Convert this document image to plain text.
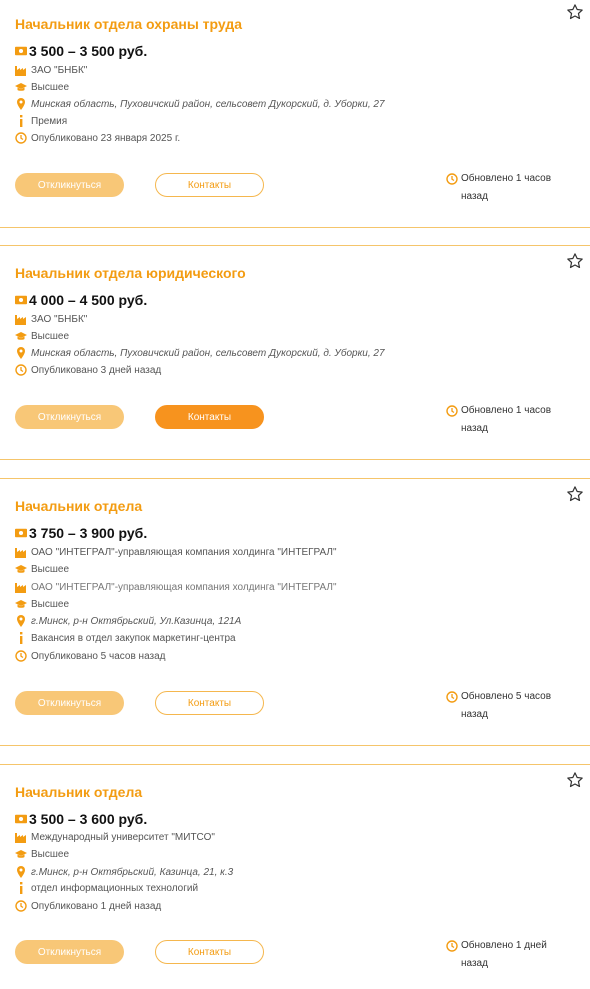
Начальник отдела охраны труда
3 500 – 3 500 руб.
ЗАО "БНБК"
Высшее
Минская область, Пуховичский район, сельсовет Дукорский, д. Уборки, 27
Премия
Опубликовано 23 января 2025 г.
Откликнуться	Контакты
Обновлено 1 часов
назад
Начальник отдела юридического
4 000 – 4 500 руб.
ЗАО "БНБК"
Высшее
Минская область, Пуховичский район, сельсовет Дукорский, д. Уборки, 27
Опубликовано 3 дней назад
Откликнуться	Контакты
Обновлено 1 часов
назад
Начальник отдела
3 750 – 3 900 руб.
ОАО "ИНТЕГРАЛ"-управляющая компания холдинга "ИНТЕГРАЛ"
Высшее
ОАО "ИНТЕГРАЛ"-управляющая компания холдинга "ИНТЕГРАЛ"
Высшее
г.Минск, р-н Октябрьский, Ул.Казинца, 121А
Вакансия в отдел закупок маркетинг-центра
Опубликовано 5 часов назад
Откликнуться	Контакты
Обновлено 5 часов
назад
Начальник отдела
3 500 – 3 600 руб.
Международный университет "МИТСО"
Высшее
г.Минск, р-н Октябрьский, Казинца, 21, к.3
отдел информационных технологий
Опубликовано 1 дней назад
Откликнуться	Контакты
Обновлено 1 дней
назад
